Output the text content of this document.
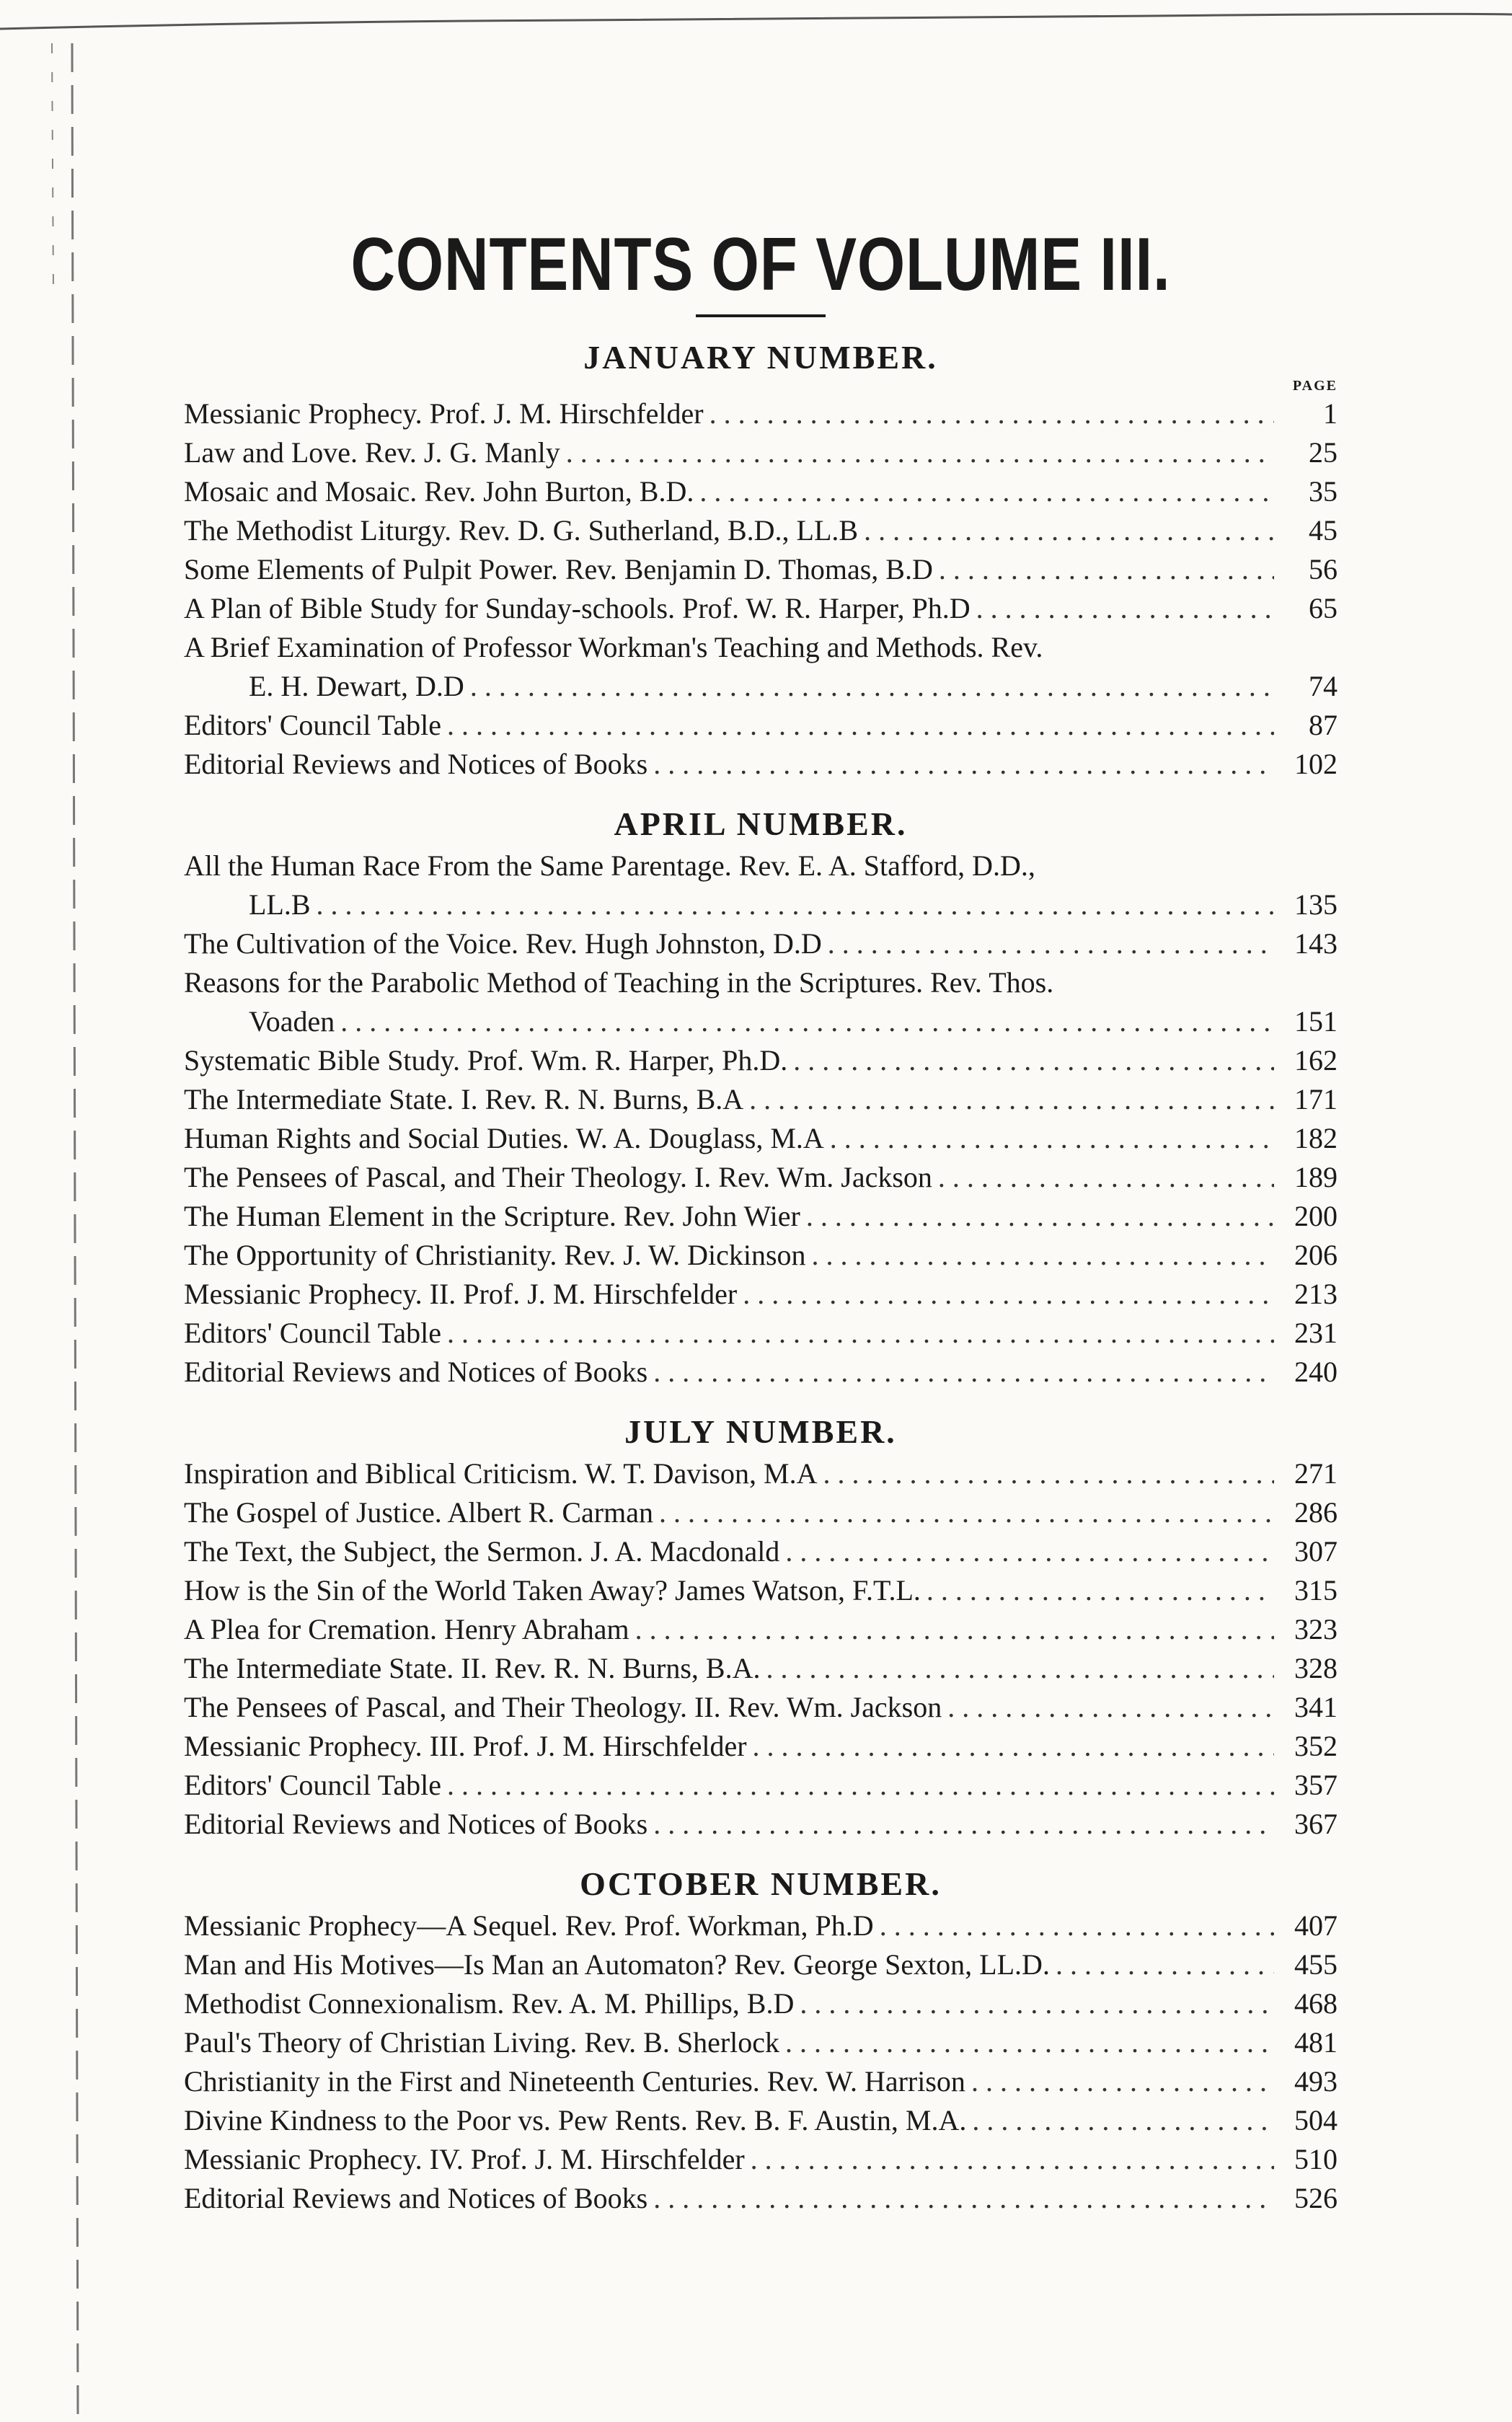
CONTENTS OF VOLUME III.
JANUARY NUMBER.
PAGE
Messianic Prophecy. Prof. J. M. Hirschfelder . . .	1
Law and Love. Rev. J. G. Manly . . .	25
Mosaic and Mosaic. Rev. John Burton, B.D. . . .	35
The Methodist Liturgy. Rev. D. G. Sutherland, B.D., LL.B . . .	45
Some Elements of Pulpit Power. Rev. Benjamin D. Thomas, B.D . . .	56
A Plan of Bible Study for Sunday-schools. Prof. W. R. Harper, Ph.D . . .	65
A Brief Examination of Professor Workman's Teaching and Methods. Rev.
E. H. Dewart, D.D . . .	74
Editors' Council Table . . .	87
Editorial Reviews and Notices of Books . . .	102
APRIL NUMBER.
All the Human Race From the Same Parentage. Rev. E. A. Stafford, D.D.,
LL.B . . .	135
The Cultivation of the Voice. Rev. Hugh Johnston, D.D . . .	143
Reasons for the Parabolic Method of Teaching in the Scriptures. Rev. Thos.
Voaden . . .	151
Systematic Bible Study. Prof. Wm. R. Harper, Ph.D. . . .	162
The Intermediate State. I. Rev. R. N. Burns, B.A . . .	171
Human Rights and Social Duties. W. A. Douglass, M.A . . .	182
The Pensees of Pascal, and Their Theology. I. Rev. Wm. Jackson . . .	189
The Human Element in the Scripture. Rev. John Wier . . .	200
The Opportunity of Christianity. Rev. J. W. Dickinson . . .	206
Messianic Prophecy. II. Prof. J. M. Hirschfelder . . .	213
Editors' Council Table . . .	231
Editorial Reviews and Notices of Books . . .	240
JULY NUMBER.
Inspiration and Biblical Criticism. W. T. Davison, M.A . . .	271
The Gospel of Justice. Albert R. Carman . . .	286
The Text, the Subject, the Sermon. J. A. Macdonald . . .	307
How is the Sin of the World Taken Away? James Watson, F.T.L. . . .	315
A Plea for Cremation. Henry Abraham . . .	323
The Intermediate State. II. Rev. R. N. Burns, B.A. . . .	328
The Pensees of Pascal, and Their Theology. II. Rev. Wm. Jackson . . .	341
Messianic Prophecy. III. Prof. J. M. Hirschfelder . . .	352
Editors' Council Table . . .	357
Editorial Reviews and Notices of Books . . .	367
OCTOBER NUMBER.
Messianic Prophecy—A Sequel. Rev. Prof. Workman, Ph.D . . .	407
Man and His Motives—Is Man an Automaton? Rev. George Sexton, LL.D. . . .	455
Methodist Connexionalism. Rev. A. M. Phillips, B.D . . .	468
Paul's Theory of Christian Living. Rev. B. Sherlock . . .	481
Christianity in the First and Nineteenth Centuries. Rev. W. Harrison . . .	493
Divine Kindness to the Poor vs. Pew Rents. Rev. B. F. Austin, M.A. . . .	504
Messianic Prophecy. IV. Prof. J. M. Hirschfelder . . .	510
Editorial Reviews and Notices of Books . . .	526
